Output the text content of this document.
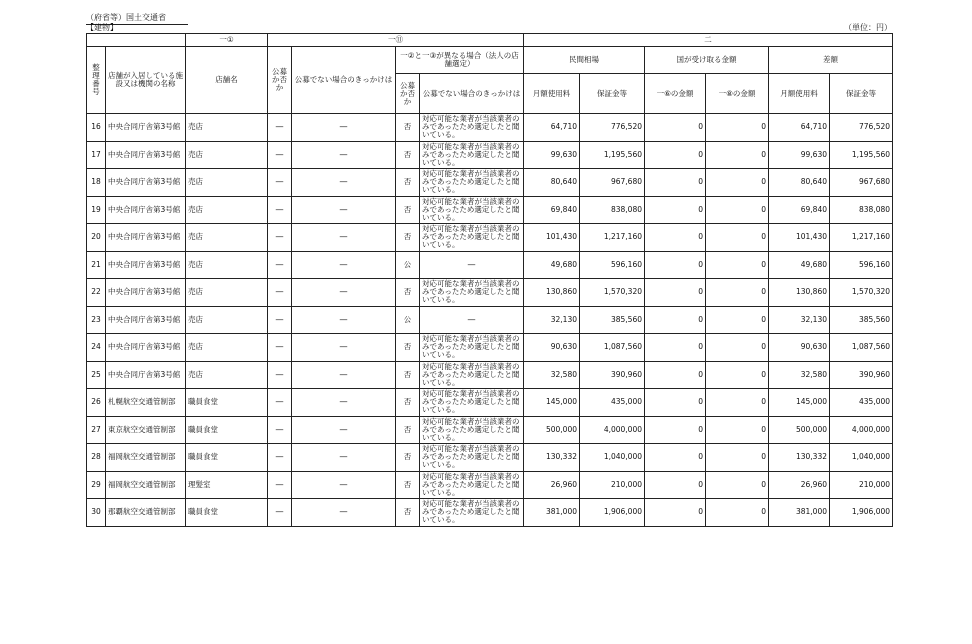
（府省等）国土交通省
【建物】	（単位：円）
		一①	一⑪				二					
整理番号	店舗が入居している施設又は機関の名称	店舗名	公募か否か	公募でない場合のきっかけは	一②と一③が異なる場合（法人の店舗選定）		民間相場		国が受け取る金額		差額	
					公募か否か	公募でない場合のきっかけは	月額使用料	保証金等	一⑥の金額	一⑧の金額	月額使用料	保証金等
16	中央合同庁舎第3号館	売店	―	―	否	対応可能な業者が当該業者のみであったため選定したと聞いている。	64,710	776,520	0	0	64,710	776,520
17	中央合同庁舎第3号館	売店	―	―	否	対応可能な業者が当該業者のみであったため選定したと聞いている。	99,630	1,195,560	0	0	99,630	1,195,560
18	中央合同庁舎第3号館	売店	―	―	否	対応可能な業者が当該業者のみであったため選定したと聞いている。	80,640	967,680	0	0	80,640	967,680
19	中央合同庁舎第3号館	売店	―	―	否	対応可能な業者が当該業者のみであったため選定したと聞いている。	69,840	838,080	0	0	69,840	838,080
20	中央合同庁舎第3号館	売店	―	―	否	対応可能な業者が当該業者のみであったため選定したと聞いている。	101,430	1,217,160	0	0	101,430	1,217,160
21	中央合同庁舎第3号館	売店	―	―	公	―	49,680	596,160	0	0	49,680	596,160
22	中央合同庁舎第3号館	売店	―	―	否	対応可能な業者が当該業者のみであったため選定したと聞いている。	130,860	1,570,320	0	0	130,860	1,570,320
23	中央合同庁舎第3号館	売店	―	―	公	―	32,130	385,560	0	0	32,130	385,560
24	中央合同庁舎第3号館	売店	―	―	否	対応可能な業者が当該業者のみであったため選定したと聞いている。	90,630	1,087,560	0	0	90,630	1,087,560
25	中央合同庁舎第3号館	売店	―	―	否	対応可能な業者が当該業者のみであったため選定したと聞いている。	32,580	390,960	0	0	32,580	390,960
26	札幌航空交通管制部	職員食堂	―	―	否	対応可能な業者が当該業者のみであったため選定したと聞いている。	145,000	435,000	0	0	145,000	435,000
27	東京航空交通管制部	職員食堂	―	―	否	対応可能な業者が当該業者のみであったため選定したと聞いている。	500,000	4,000,000	0	0	500,000	4,000,000
28	福岡航空交通管制部	職員食堂	―	―	否	対応可能な業者が当該業者のみであったため選定したと聞いている。	130,332	1,040,000	0	0	130,332	1,040,000
29	福岡航空交通管制部	理髪室	―	―	否	対応可能な業者が当該業者のみであったため選定したと聞いている。	26,960	210,000	0	0	26,960	210,000
30	那覇航空交通管制部	職員食堂	―	―	否	対応可能な業者が当該業者のみであったため選定したと聞いている。	381,000	1,906,000	0	0	381,000	1,906,000
